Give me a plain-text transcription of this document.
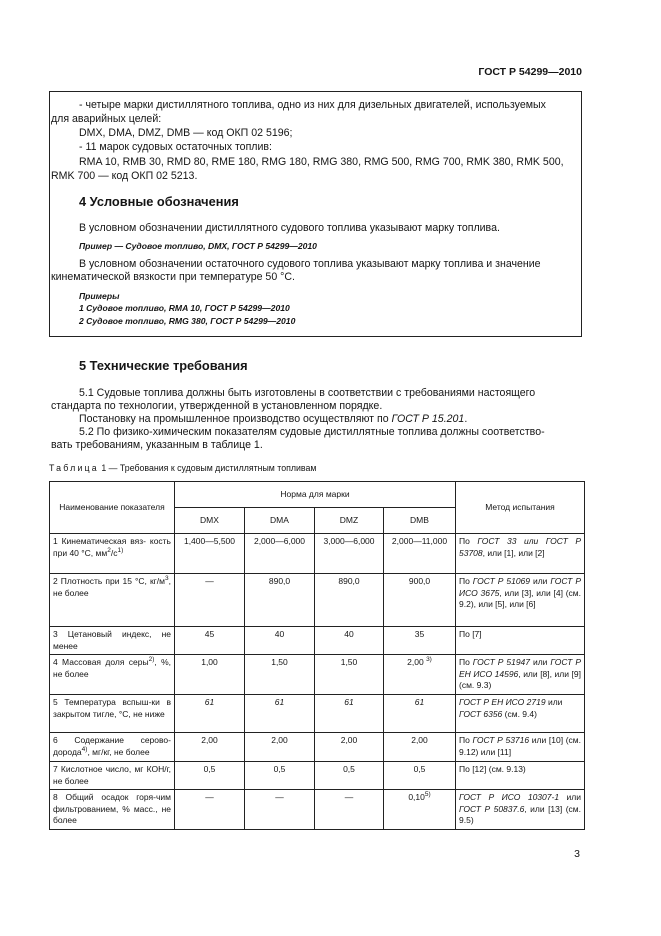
ГОСТ Р 54299—2010
- четыре марки дистиллятного топлива, одно из них для дизельных двигателей, используемых
для аварийных целей:
DMX, DMA, DMZ, DMB — код ОКП 02 5196;
- 11 марок судовых остаточных топлив:
RMA 10, RMB 30, RMD 80, RME 180, RMG 180, RMG 380, RMG 500, RMG 700, RMK 380, RMK 500,
RMK 700 — код ОКП 02 5213.
4 Условные обозначения
В условном обозначении дистиллятного судового топлива указывают марку топлива.
Пример — Судовое топливо, DMX, ГОСТ Р 54299—2010
В условном обозначении остаточного судового топлива указывают марку топлива и значение
кинематической вязкости при температуре 50 °С.
Примеры
1 Судовое топливо, RMA 10, ГОСТ Р 54299—2010
2 Судовое топливо, RMG 380, ГОСТ Р 54299—2010
5 Технические требования
5.1 Судовые топлива должны быть изготовлены в соответствии с требованиями настоящего
стандарта по технологии, утвержденной в установленном порядке.
Постановку на промышленное производство осуществляют по ГОСТ Р 15.201.
5.2 По физико-химическим показателям судовые дистиллятные топлива должны соответство-
вать требованиям, указанным в таблице 1.
Таблица 1 — Требования к судовым дистиллятным топливам
Наименование показателя	Норма для марки				Метод испытания
	DMX	DMA	DMZ	DMB	
1 Кинематическая вяз- кость при 40 °С, $мм^2/с^{1)}$	1,400—5,500	2,000—6,000	3,000—6,000	2,000—11,000	По ГОСТ 33 или ГОСТ Р 53708, или [1], или [2]
2 Плотность при 15 °С, $кг/м^3$, не более	—	890,0	890,0	900,0	По ГОСТ Р 51069 или ГОСТ Р ИСО 3675, или [3], или [4] (см. 9.2), или [5], или [6]
3 Цетановый индекс, не менее	45	40	40	35	По [7]
4 Массовая доля серы$^{2)}$, %, не более	1,00	1,50	1,50	2,00 $^{3)}$	По ГОСТ Р 51947 или ГОСТ Р ЕН ИСО 14596, или [8], или [9] (см. 9.3)
5 Температура вспыш-ки в закрытом тигле, °С, не ниже	61	61	61	61	ГОСТ Р ЕН ИСО 2719 или ГОСТ 6356 (см. 9.4)
6 Содержание серово-дорода$^{4)}$, мг/кг, не более	2,00	2,00	2,00	2,00	По ГОСТ Р 53716 или [10] (см. 9.12) или [11]
7 Кислотное число, мг КОН/г, не более	0,5	0,5	0,5	0,5	По [12] (см. 9.13)
8 Общий осадок горя-чим фильтрованием, % масс., не более	—	—	—	0,10$^{5)}$	ГОСТ Р ИСО 10307-1 или ГОСТ Р 50837.6, или [13] (см. 9.5)
3
